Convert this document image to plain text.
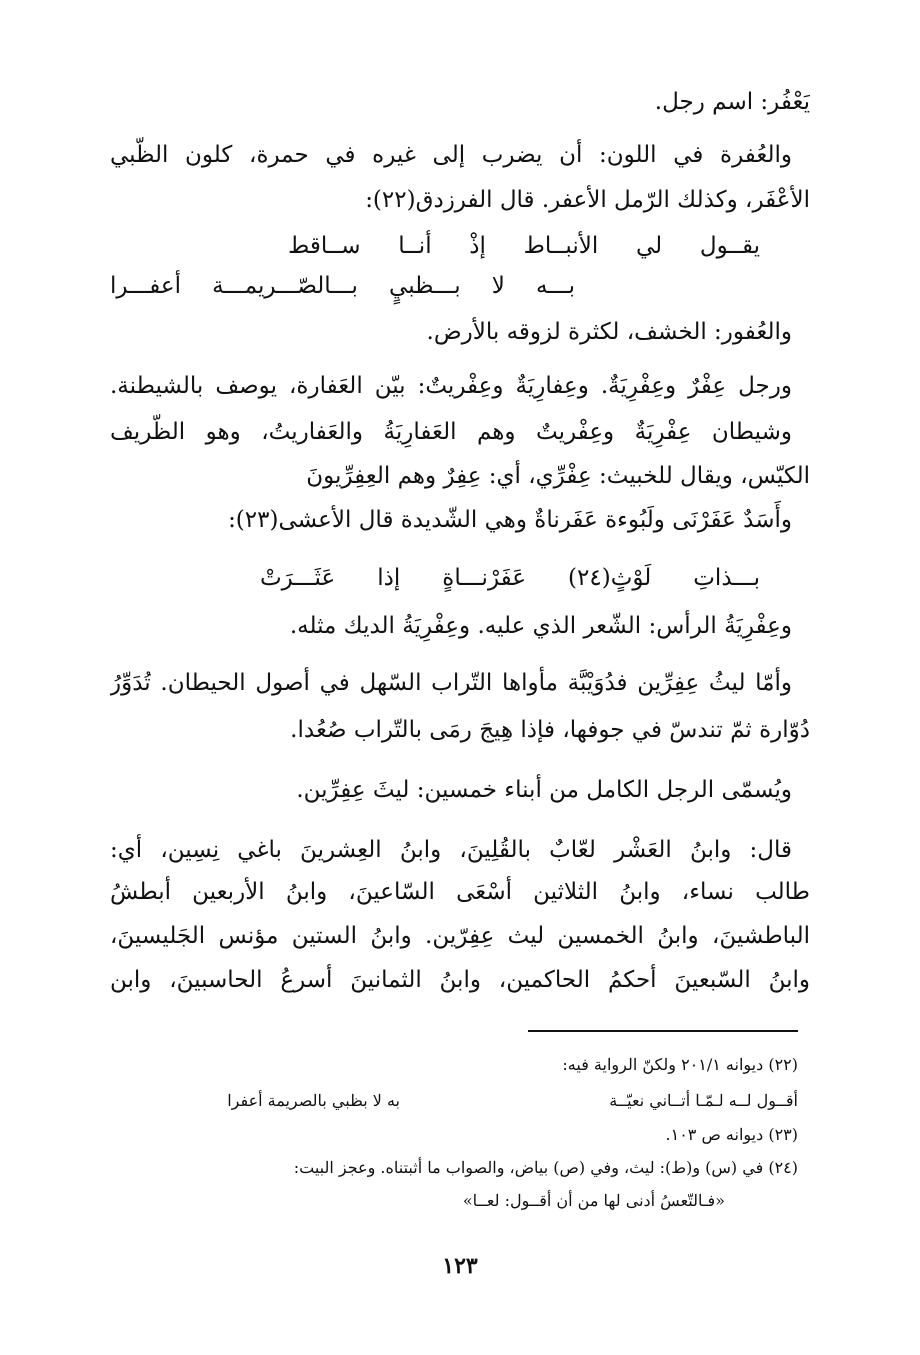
يَعْفُر: اسم رجل.
والعُفرة في اللون: أن يضرب إلى غيره في حمرة، كلون الظّبي
الأعْفَر، وكذلك الرّمل الأعفر. قال الفرزدق(٢٢):
يقــول لي الأنبــاط إذْ أنــا ســاقط
بـــه لا بـــظبيٍ بـــالصّـــريمـــة أعفـــرا
والعُفور: الخشف، لكثرة لزوقه بالأرض.
ورجل عِفْرٌ وعِفْرِيَةٌ. وعِفارِيَةٌ وعِفْريتٌ: بيّن العَفارة، يوصف بالشيطنة.
وشيطان عِفْرِيَةٌ وعِفْريتٌ وهم العَفارِيَةُ والعَفاريتُ، وهو الظّريف
الكيّس، ويقال للخبيث: عِفْرِّي، أي: عِفِرٌ وهم العِفِرِّيونَ
وأَسَدٌ عَفَرْنَى ولَبُوءة عَفَرناةٌ وهي الشّديدة قال الأعشى(٢٣):
بـــذاتِ لَوْثٍ(٢٤) عَفَرْنـــاةٍ إذا عَثَـــرَتْ
وعِفْرِيَةُ الرأس: الشّعر الذي عليه. وعِفْرِيَةُ الديك مثله.
وأمّا ليثُ عِفِرِّين فدُوَيْبَّة مأواها التّراب السّهل في أصول الحيطان. تُدَوِّرُ
دُوّارة ثمّ تندسّ في جوفها، فإذا هِيجَ رمَى بالتّراب صُعُدا.
ويُسمّى الرجل الكامل من أبناء خمسين: ليثَ عِفِرِّين.
قال: وابنُ العَشْر لعّابٌ بالقُلِينَ، وابنُ العِشرينَ باغي نِسِين، أي:
طالب نساء، وابنُ الثلاثين أسْعَى السّاعينَ، وابنُ الأربعين أبطشُ
الباطشينَ، وابنُ الخمسين ليث عِفِرّين. وابنُ الستين مؤنس الجَليسينَ،
وابنُ السّبعينَ أحكمُ الحاكمين، وابنُ الثمانينَ أسرعُ الحاسبينَ، وابن
(٢٢) ديوانه ٢٠١/١ ولكنّ الرواية فيه:
أقــول لــه لـمّـا أتــاني نعيّــة
به لا بظبي بالصريمة أعفرا
(٢٣) ديوانه ص ١٠٣.
(٢٤) في (س) و(ط): ليث، وفي (ص) بياض، والصواب ما أثبتناه. وعجز البيت:
«فـالتّعسُ أدنى لها من أن أقــول: لعــا»
١٢٣
